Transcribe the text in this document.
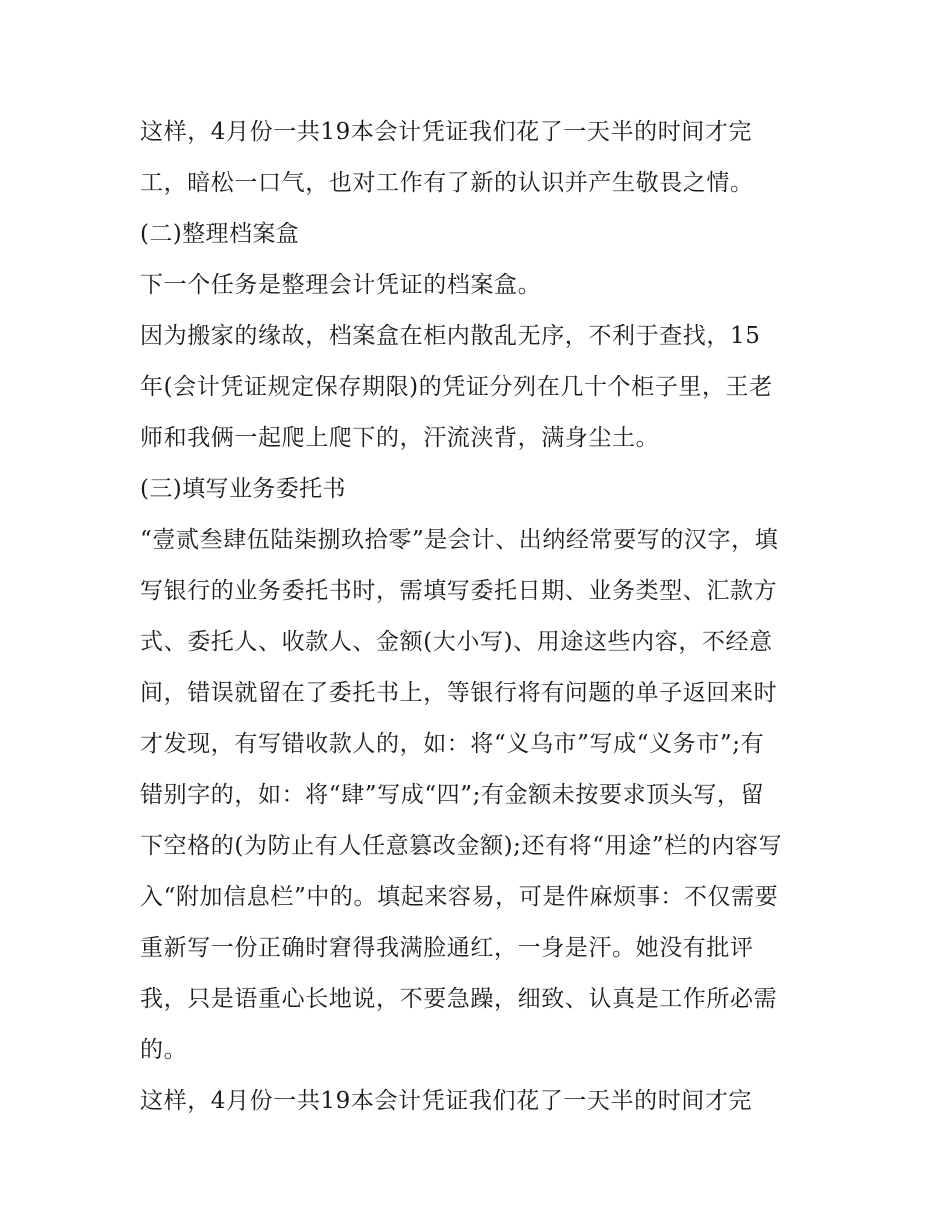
这样，4月份一共19本会计凭证我们花了一天半的时间才完
工，暗松一口气，也对工作有了新的认识并产生敬畏之情。
(二)整理档案盒
下一个任务是整理会计凭证的档案盒。
因为搬家的缘故，档案盒在柜内散乱无序，不利于查找，15
年(会计凭证规定保存期限)的凭证分列在几十个柜子里，王老
师和我俩一起爬上爬下的，汗流浃背，满身尘土。
(三)填写业务委托书
“壹贰叁肆伍陆柒捌玖拾零”是会计、出纳经常要写的汉字，填
写银行的业务委托书时，需填写委托日期、业务类型、汇款方
式、委托人、收款人、金额(大小写)、用途这些内容，不经意
间，错误就留在了委托书上，等银行将有问题的单子返回来时
才发现，有写错收款人的，如：将“义乌市”写成“义务市”;有
错别字的，如：将“肆”写成“四”;有金额未按要求顶头写，留
下空格的(为防止有人任意篡改金额);还有将“用途”栏的内容写
入“附加信息栏”中的。填起来容易，可是件麻烦事：不仅需要
重新写一份正确时窘得我满脸通红，一身是汗。她没有批评
我，只是语重心长地说，不要急躁，细致、认真是工作所必需
的。
这样，4月份一共19本会计凭证我们花了一天半的时间才完
